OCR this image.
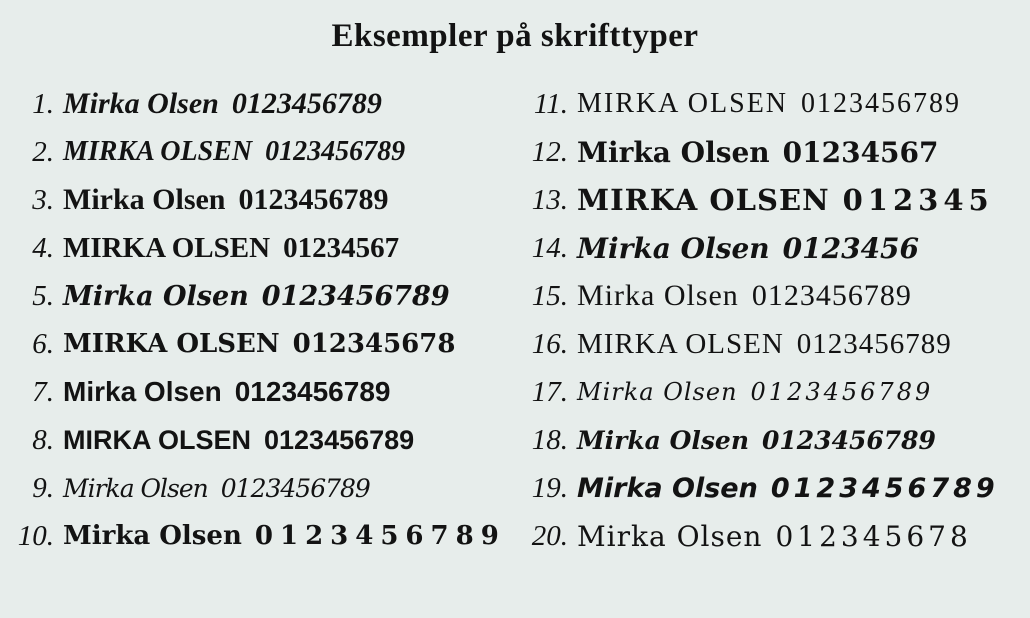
Eksempler på skrifttyper
1. Mirka Olsen 0123456789
2. MIRKA OLSEN 0123456789
3. Mirka Olsen 0123456789
4. MIRKA OLSEN 01234567
5. Mirka Olsen 0123456789
6. MIRKA OLSEN 012345678
7. Mirka Olsen 0123456789
8. MIRKA OLSEN 0123456789
9. Mirka Olsen 0123456789
10. Mirka Olsen 0123456789
11. MIRKA OLSEN 0123456789
12. Mirka Olsen 01234567
13. MIRKA OLSEN 012345
14. Mirka Olsen 0123456
15. Mirka Olsen 0123456789
16. MIRKA OLSEN 0123456789
17. Mirka Olsen 0123456789
18. Mirka Olsen 0123456789
19. Mirka Olsen 0123456789
20. Mirka Olsen 012345678
